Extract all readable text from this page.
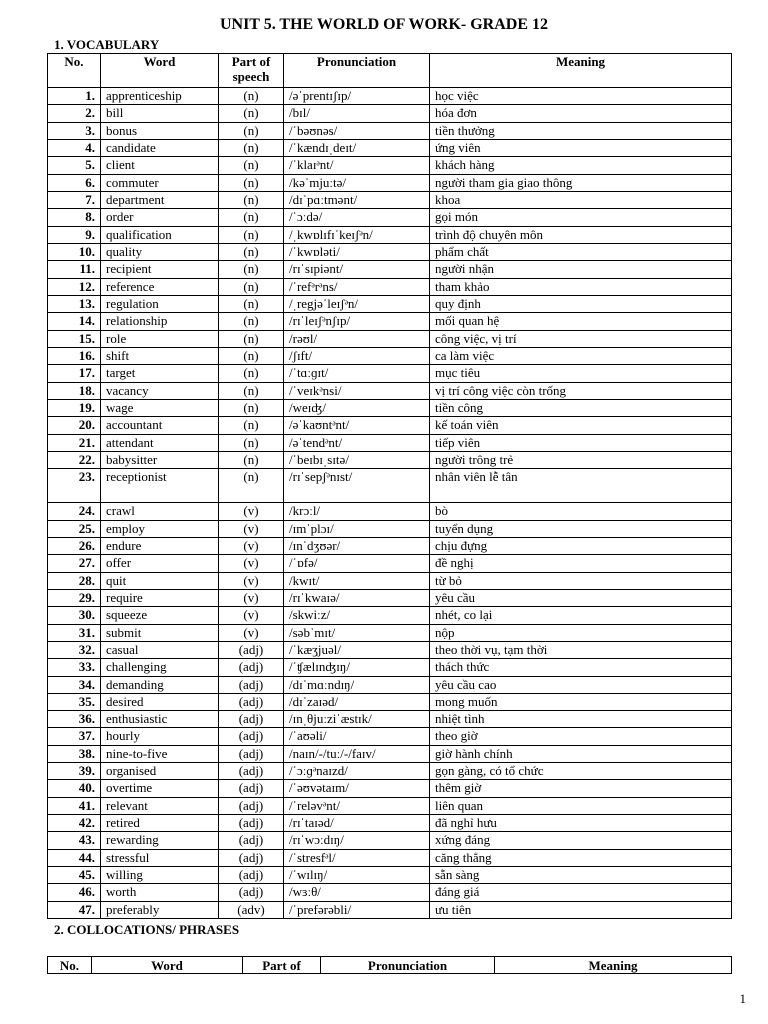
UNIT 5. THE WORLD OF WORK- GRADE 12
1. VOCABULARY
No.	Word	Part of speech	Pronunciation	Meaning
1.	apprenticeship	(n)	/əˈprentɪʃɪp/	học việc
2.	bill	(n)	/bɪl/	hóa đơn
3.	bonus	(n)	/ˈbəʊnəs/	tiền thưởng
4.	candidate	(n)	/ˈkændɪˌdeɪt/	ứng viên
5.	client	(n)	/ˈklaɪᵊnt/	khách hàng
6.	commuter	(n)	/kəˈmjuːtə/	người tham gia giao thông
7.	department	(n)	/dɪˈpɑːtmənt/	khoa
8.	order	(n)	/ˈɔːdə/	gọi món
9.	qualification	(n)	/ˌkwɒlɪfɪˈkeɪʃᵊn/	trình độ chuyên môn
10.	quality	(n)	/ˈkwɒləti/	phẩm chất
11.	recipient	(n)	/rɪˈsɪpiənt/	người nhận
12.	reference	(n)	/ˈrefᵊrᵊns/	tham khảo
13.	regulation	(n)	/ˌregjəˈleɪʃᵊn/	quy định
14.	relationship	(n)	/rɪˈleɪʃᵊnʃɪp/	mối quan hệ
15.	role	(n)	/rəʊl/	công việc, vị trí
16.	shift	(n)	/ʃɪft/	ca làm việc
17.	target	(n)	/ˈtɑːɡɪt/	mục tiêu
18.	vacancy	(n)	/ˈveɪkᵊnsi/	vị trí công việc còn trống
19.	wage	(n)	/weɪʤ/	tiền công
20.	accountant	(n)	/əˈkaʊntᵊnt/	kế toán viên
21.	attendant	(n)	/əˈtendᵊnt/	tiếp viên
22.	babysitter	(n)	/ˈbeɪbɪˌsɪtə/	người trông trẻ
23.	receptionist	(n)	/rɪˈsepʃᵊnɪst/	nhân viên lễ tân
24.	crawl	(v)	/krɔːl/	bò
25.	employ	(v)	/ɪmˈplɔɪ/	tuyển dụng
26.	endure	(v)	/ɪnˈdʒʊər/	chịu đựng
27.	offer	(v)	/ˈɒfə/	đề nghị
28.	quit	(v)	/kwɪt/	từ bỏ
29.	require	(v)	/rɪˈkwaɪə/	yêu cầu
30.	squeeze	(v)	/skwiːz/	nhét, co lại
31.	submit	(v)	/səbˈmɪt/	nộp
32.	casual	(adj)	/ˈkæʒjuəl/	theo thời vụ, tạm thời
33.	challenging	(adj)	/ˈʧælɪnʤɪŋ/	thách thức
34.	demanding	(adj)	/dɪˈmɑːndɪŋ/	yêu cầu cao
35.	desired	(adj)	/dɪˈzaɪəd/	mong muốn
36.	enthusiastic	(adj)	/ɪnˌθjuːziˈæstɪk/	nhiệt tình
37.	hourly	(adj)	/ˈaʊəli/	theo giờ
38.	nine-to-five	(adj)	/naɪn/-/tuː/-/faɪv/	giờ hành chính
39.	organised	(adj)	/ˈɔːɡᵊnaɪzd/	gọn gàng, có tổ chức
40.	overtime	(adj)	/ˈəʊvətaɪm/	thêm giờ
41.	relevant	(adj)	/ˈreləvᵊnt/	liên quan
42.	retired	(adj)	/rɪˈtaɪəd/	đã nghỉ hưu
43.	rewarding	(adj)	/rɪˈwɔːdɪŋ/	xứng đáng
44.	stressful	(adj)	/ˈstresfᵊl/	căng thẳng
45.	willing	(adj)	/ˈwɪlɪŋ/	sẵn sàng
46.	worth	(adj)	/wɜːθ/	đáng giá
47.	preferably	(adv)	/ˈprefərəbli/	ưu tiên
2. COLLOCATIONS/ PHRASES
No.	Word	Part of	Pronunciation	Meaning
1
